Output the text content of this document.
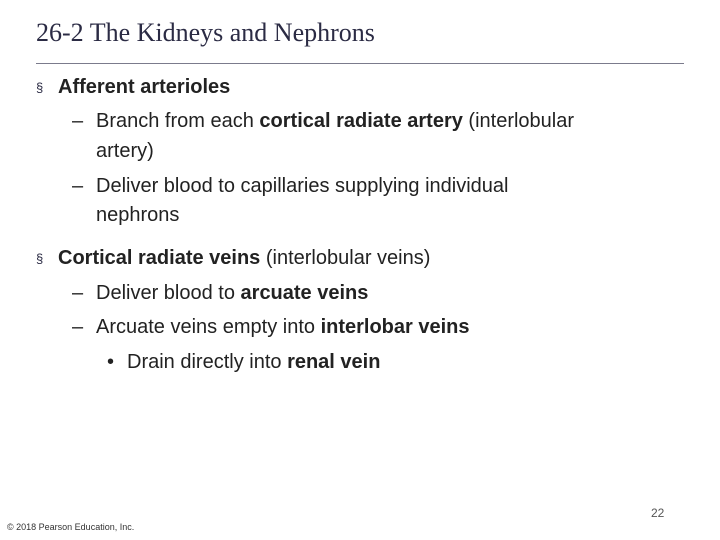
26-2 The Kidneys and Nephrons
§ Afferent arterioles
– Branch from each cortical radiate artery (interlobular
artery)
– Deliver blood to capillaries supplying individual
nephrons
§ Cortical radiate veins (interlobular veins)
– Deliver blood to arcuate veins
– Arcuate veins empty into interlobar veins
• Drain directly into renal vein
22
© 2018 Pearson Education, Inc.
